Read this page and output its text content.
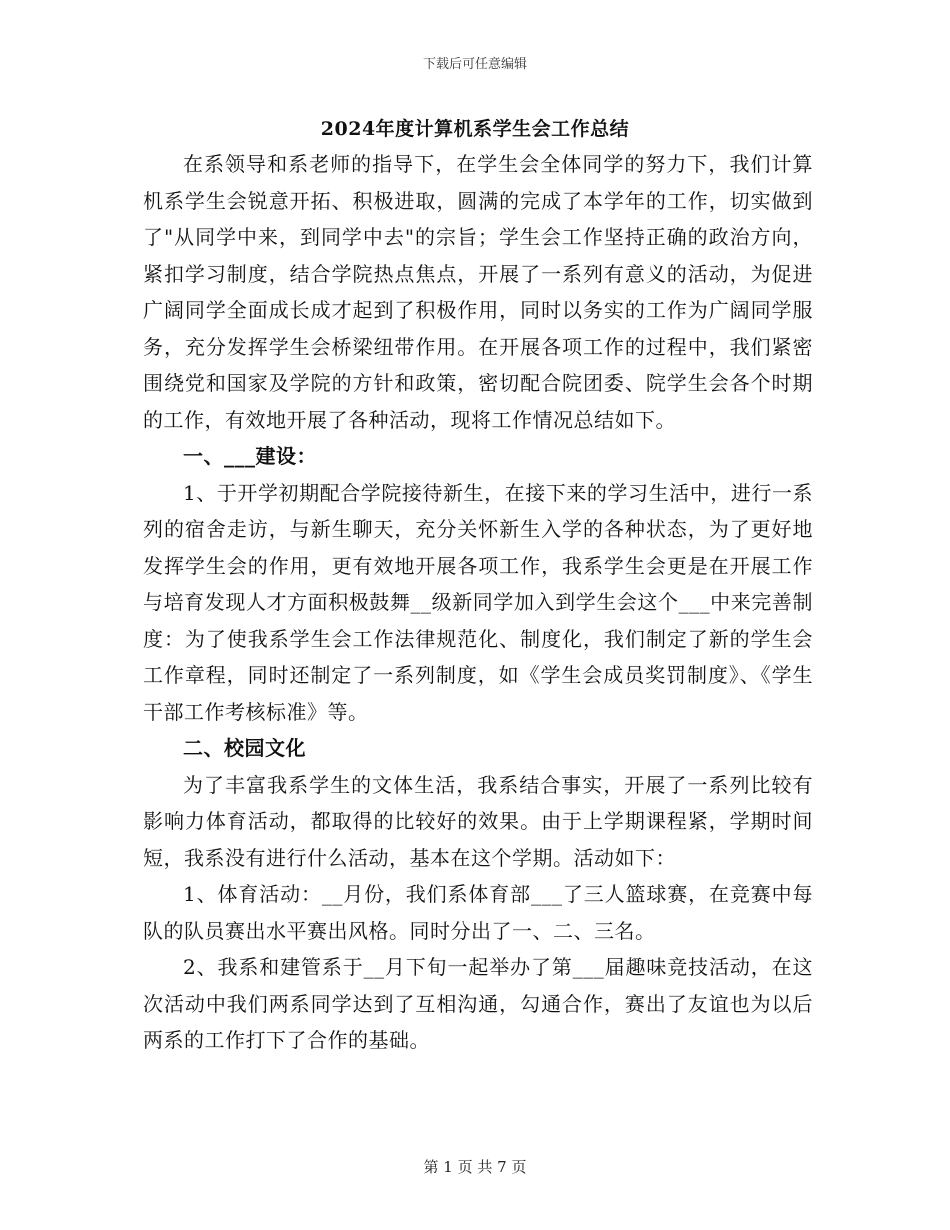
下载后可任意编辑
2024年度计算机系学生会工作总结

在系领导和系老师的指导下，在学生会全体同学的努力下，我们计算机系学生会锐意开拓、积极进取，圆满的完成了本学年的工作，切实做到了"从同学中来，到同学中去"的宗旨；学生会工作坚持正确的政治方向，紧扣学习制度，结合学院热点焦点，开展了一系列有意义的活动，为促进广阔同学全面成长成才起到了积极作用，同时以务实的工作为广阔同学服务，充分发挥学生会桥梁纽带作用。在开展各项工作的过程中，我们紧密围绕党和国家及学院的方针和政策，密切配合院团委、院学生会各个时期的工作，有效地开展了各种活动，现将工作情况总结如下。

一、___建设：

1、于开学初期配合学院接待新生，在接下来的学习生活中，进行一系列的宿舍走访，与新生聊天，充分关怀新生入学的各种状态，为了更好地发挥学生会的作用，更有效地开展各项工作，我系学生会更是在开展工作与培育发现人才方面积极鼓舞__级新同学加入到学生会这个___中来完善制度：为了使我系学生会工作法律规范化、制度化，我们制定了新的学生会工作章程，同时还制定了一系列制度，如《学生会成员奖罚制度》、《学生干部工作考核标准》等。

二、校园文化

为了丰富我系学生的文体生活，我系结合事实，开展了一系列比较有影响力体育活动，都取得的比较好的效果。由于上学期课程紧，学期时间短，我系没有进行什么活动，基本在这个学期。活动如下：

1、体育活动：__月份，我们系体育部___了三人篮球赛，在竞赛中每队的队员赛出水平赛出风格。同时分出了一、二、三名。

2、我系和建管系于__月下旬一起举办了第___届趣味竞技活动，在这次活动中我们两系同学达到了互相沟通，勾通合作，赛出了友谊也为以后两系的工作打下了合作的基础。

第 1 页 共 7 页
